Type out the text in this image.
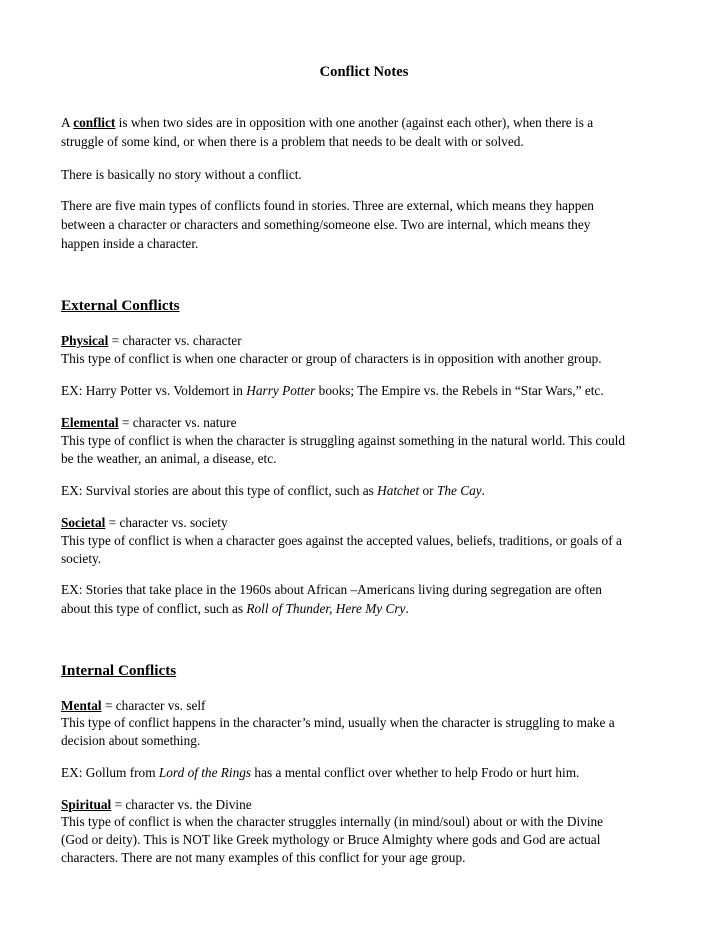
Conflict Notes
A conflict is when two sides are in opposition with one another (against each other), when there is a
struggle of some kind, or when there is a problem that needs to be dealt with or solved.
There is basically no story without a conflict.
There are five main types of conflicts found in stories. Three are external, which means they happen
between a character or characters and something/someone else. Two are internal, which means they
happen inside a character.
External Conflicts
Physical = character vs. character
This type of conflict is when one character or group of characters is in opposition with another group.
EX: Harry Potter vs. Voldemort in Harry Potter books; The Empire vs. the Rebels in “Star Wars,” etc.
Elemental = character vs. nature
This type of conflict is when the character is struggling against something in the natural world. This could
be the weather, an animal, a disease, etc.
EX: Survival stories are about this type of conflict, such as Hatchet or The Cay.
Societal = character vs. society
This type of conflict is when a character goes against the accepted values, beliefs, traditions, or goals of a
society.
EX: Stories that take place in the 1960s about African –Americans living during segregation are often
about this type of conflict, such as Roll of Thunder, Here My Cry.
Internal Conflicts
Mental = character vs. self
This type of conflict happens in the character’s mind, usually when the character is struggling to make a
decision about something.
EX: Gollum from Lord of the Rings has a mental conflict over whether to help Frodo or hurt him.
Spiritual = character vs. the Divine
This type of conflict is when the character struggles internally (in mind/soul) about or with the Divine
(God or deity). This is NOT like Greek mythology or Bruce Almighty where gods and God are actual
characters. There are not many examples of this conflict for your age group.
